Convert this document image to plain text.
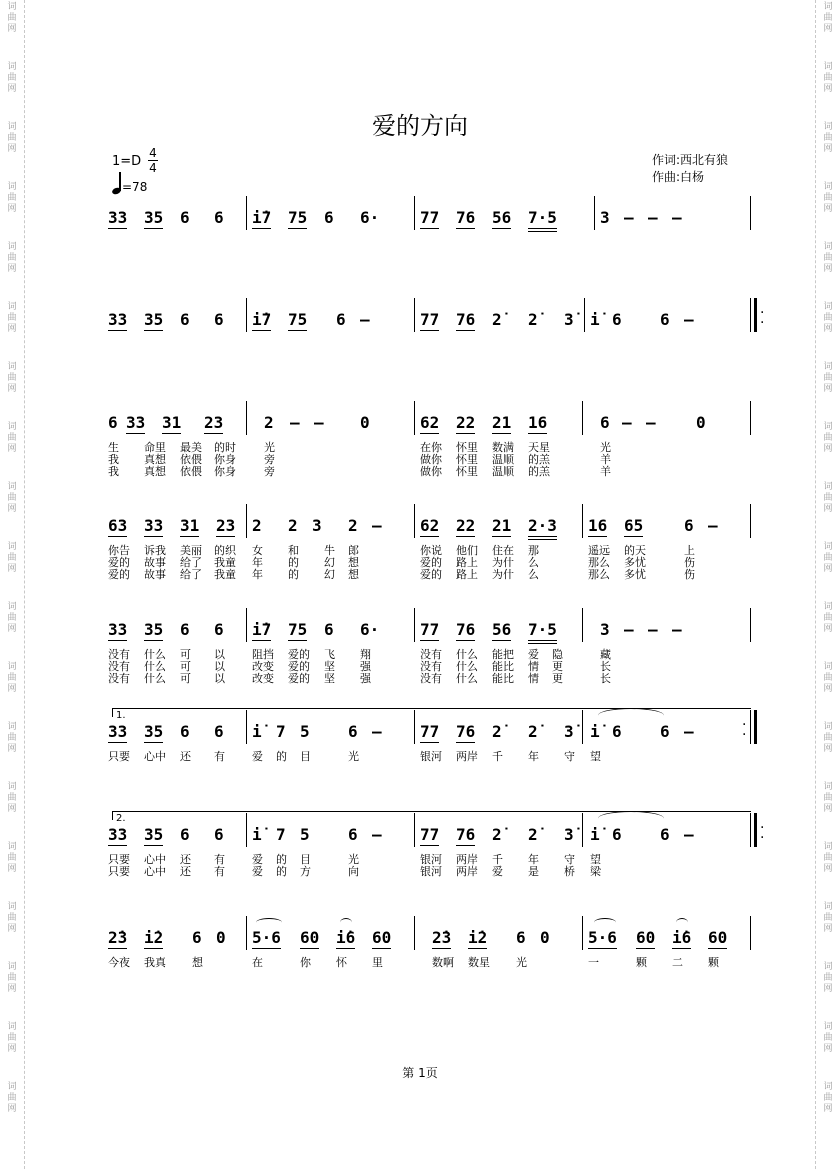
词
曲
网
词
曲
网
词
曲
网
词
曲
网
词
曲
网
词
曲
网
词
曲
网
词
曲
网
词
曲
网
词
曲
网
词
曲
网
词
曲
网
词
曲
网
词
曲
网
词
曲
网
词
曲
网
词
曲
网
词
曲
网
词
曲
网
词
曲
网
词
曲
网
词
曲
网
词
曲
网
词
曲
网
词
曲
网
词
曲
网
词
曲
网
词
曲
网
词
曲
网
词
曲
网
词
曲
网
词
曲
网
词
曲
网
词
曲
网
词
曲
网
词
曲
网
词
曲
网
词
曲
网
爱的方向
1=D
4
4
=78
作词:西北有狼
作曲:白杨
33 35 6 6 i̇7 75 6 6·	77 76 56 7·5	3 – – –
33 35 6 6 i̇7 75 6 –	77 76 2̇ 2̇ 3̇ i̇ 6 6 –	·
·
6 33 31 23	2 – – 0	62 22 21 16	6 – –	0
生 命里 最美 的时	光	在你 怀里 数满 天星	光
我 真想 依偎 你身	旁	做你 怀里 温顺 的羔	羊
我 真想 依偎 你身	旁	做你 怀里 温顺 的羔	羊
63 33 31 23 2 2 3 2 – 62 22 21 2·3 16 65	6 –
你告 诉我 美丽 的织 女 和 牛 郎	你说 他们 住在 那	遥远 的天	上
爱的 故事 给了 我童 年 的 幻 想	爱的 路上 为什 么	那么 多忧	伤
爱的 故事 给了 我童 年 的 幻 想	爱的 路上 为什 么	那么 多忧	伤
33 35 6 6 i̇7 75 6 6·	77 76 56 7·5	3 – – –
没有 什么 可 以 阻挡 爱的 飞 翔	没有 什么 能把 爱 隐	藏
没有 什么 可 以 改变 爱的 坚 强	没有 什么 能比 情 更	长
没有 什么 可 以 改变 爱的 坚 强	没有 什么 能比 情 更	长
1.
33 35 6 6 i̇ 7 5 6 – 77 76 2̇ 2̇ 3̇ i̇ 6 6 –	·
·
只要 心中 还 有 爱 的 目	光	银河 两岸 千 年 守 望
2.
33 35 6 6 i̇ 7 5 6 – 77 76 2̇ 2̇ 3̇ i̇ 6 6 –	·
·
只要 心中 还 有 爱 的 目	光	银河 两岸 千 年 守 望
只要 心中 还 有 爱 的 方	向	银河 两岸 爱 是 桥 梁
2̇3 i̇2 6 0 5·6 60 i̇6 60	2̇3 i̇2 6 0 5·6 60 i̇6 60
今夜 我真 想	在	你 怀 里	数啊 数星 光	一	颗 二 颗
第 1页
